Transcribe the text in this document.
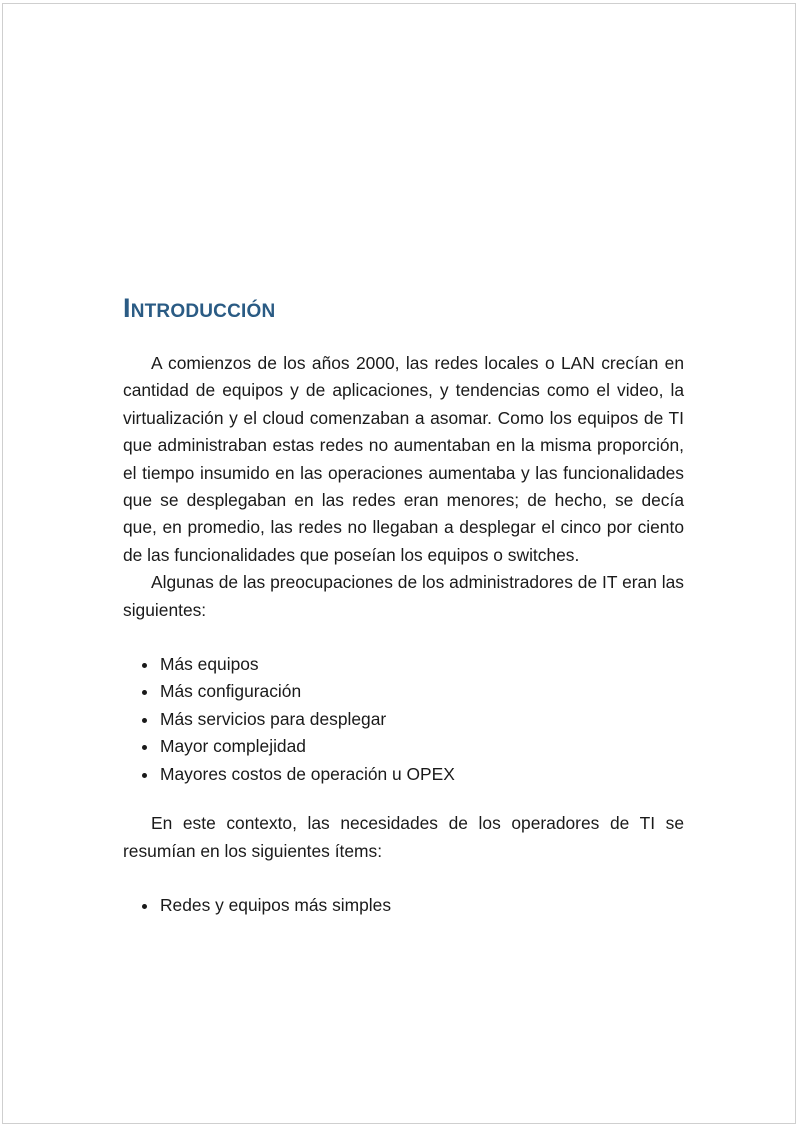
Introducción

A comienzos de los años 2000, las redes locales o LAN crecían en cantidad de equipos y de aplicaciones, y tendencias como el video, la virtualización y el cloud comenzaban a asomar. Como los equipos de TI que administraban estas redes no aumentaban en la misma proporción, el tiempo insumido en las operaciones aumentaba y las funcionalidades que se desplegaban en las redes eran menores; de hecho, se decía que, en promedio, las redes no llegaban a desplegar el cinco por ciento de las funcionalidades que poseían los equipos o switches.

Algunas de las preocupaciones de los administradores de IT eran las siguientes:

Más equipos
Más configuración
Más servicios para desplegar
Mayor complejidad
Mayores costos de operación u OPEX

En este contexto, las necesidades de los operadores de TI se resumían en los siguientes ítems:

Redes y equipos más simples
